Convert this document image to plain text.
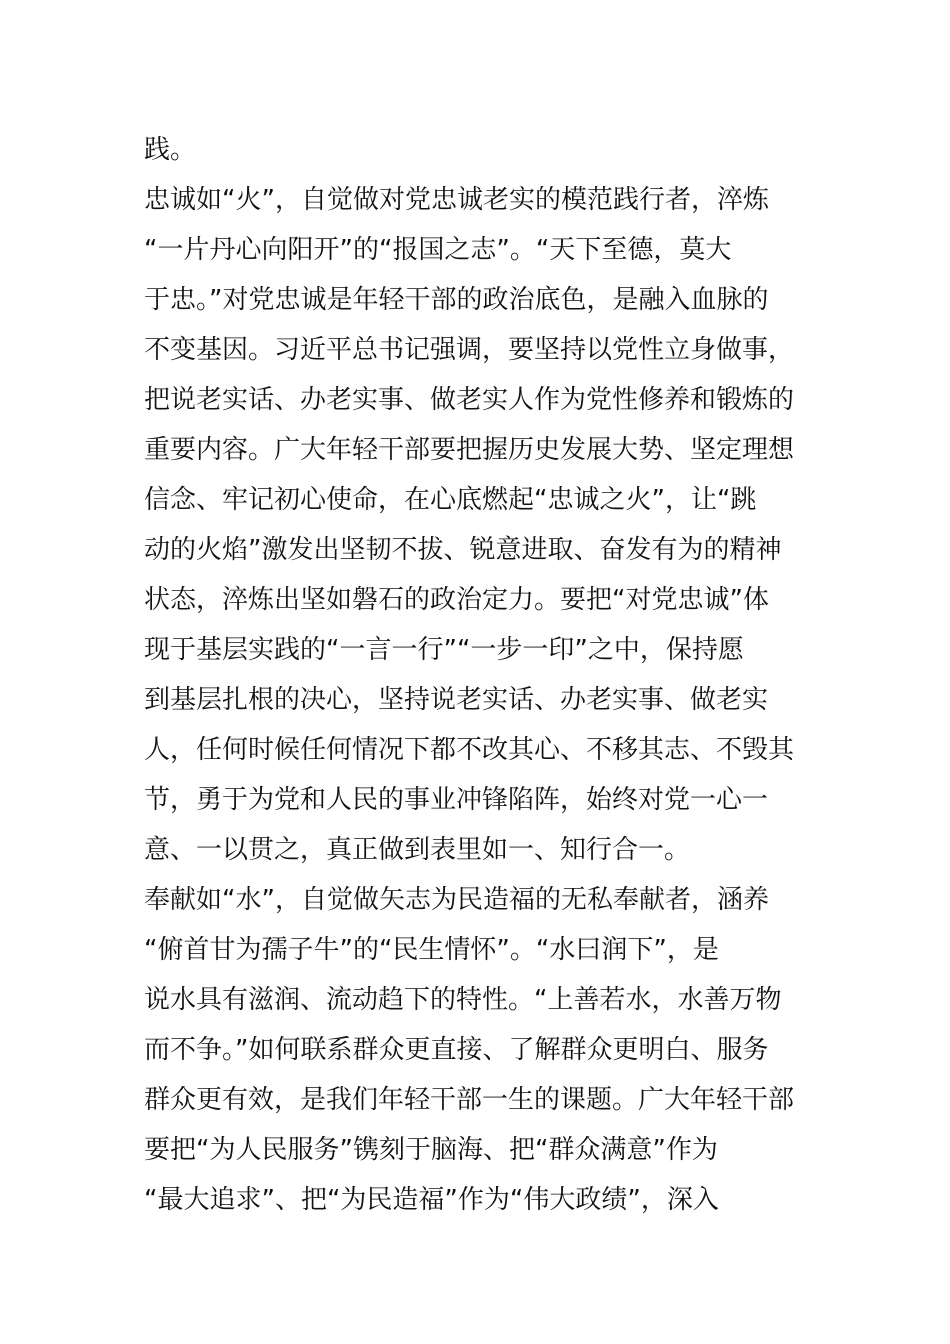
践。
忠诚如“火”，自觉做对党忠诚老实的模范践行者，淬炼
“一片丹心向阳开”的“报国之志”。“天下至德，莫大
于忠。”对党忠诚是年轻干部的政治底色，是融入血脉的
不变基因。习近平总书记强调，要坚持以党性立身做事，
把说老实话、办老实事、做老实人作为党性修养和锻炼的
重要内容。广大年轻干部要把握历史发展大势、坚定理想
信念、牢记初心使命，在心底燃起“忠诚之火”，让“跳
动的火焰”激发出坚韧不拔、锐意进取、奋发有为的精神
状态，淬炼出坚如磐石的政治定力。要把“对党忠诚”体
现于基层实践的“一言一行”“一步一印”之中，保持愿
到基层扎根的决心，坚持说老实话、办老实事、做老实
人，任何时候任何情况下都不改其心、不移其志、不毁其
节，勇于为党和人民的事业冲锋陷阵，始终对党一心一
意、一以贯之，真正做到表里如一、知行合一。
奉献如“水”，自觉做矢志为民造福的无私奉献者，涵养
“俯首甘为孺子牛”的“民生情怀”。“水曰润下”，是
说水具有滋润、流动趋下的特性。“上善若水，水善万物
而不争。”如何联系群众更直接、了解群众更明白、服务
群众更有效，是我们年轻干部一生的课题。广大年轻干部
要把“为人民服务”镌刻于脑海、把“群众满意”作为
“最大追求”、把“为民造福”作为“伟大政绩”，深入
